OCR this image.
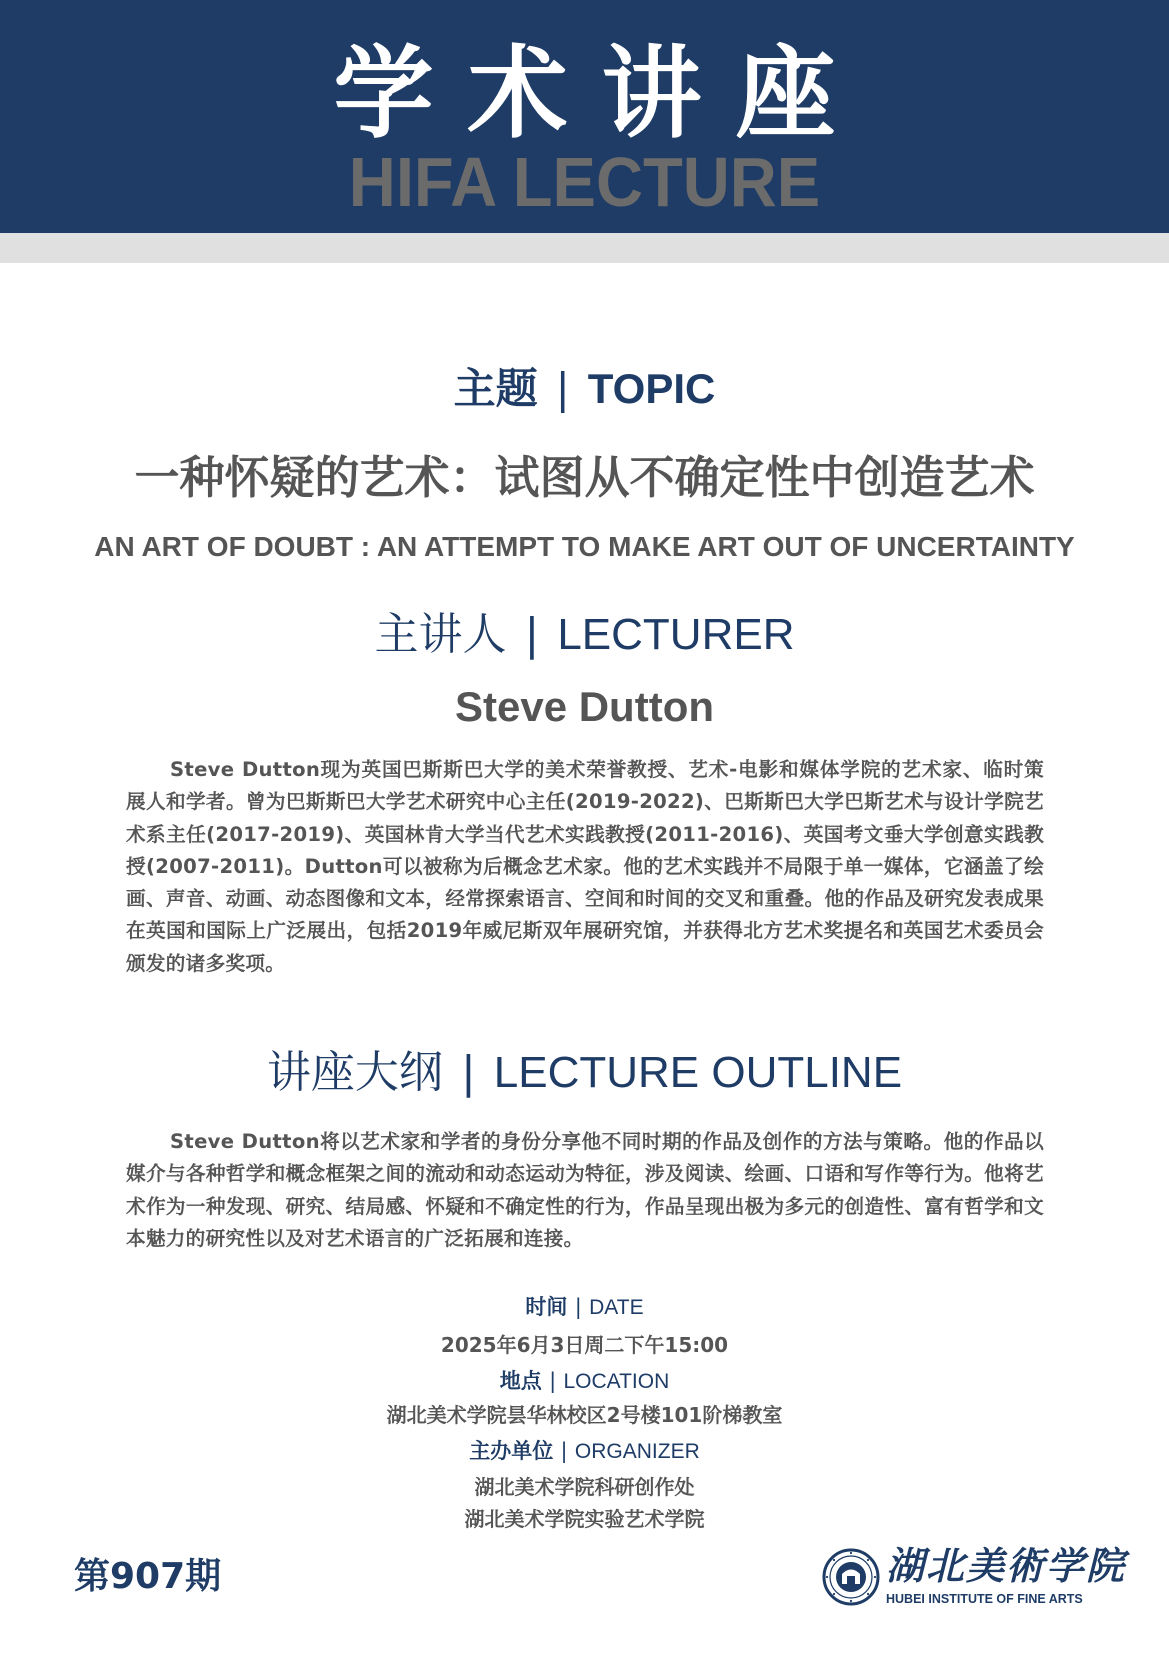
学术讲座
HIFA LECTURE
主题 | TOPIC
一种怀疑的艺术：试图从不确定性中创造艺术
AN ART OF DOUBT : AN ATTEMPT TO MAKE ART OUT OF UNCERTAINTY
主讲人 | LECTURER
Steve Dutton
Steve Dutton现为英国巴斯斯巴大学的美术荣誉教授、艺术-电影和媒体学院的艺术家、临时策展人和学者。曾为巴斯斯巴大学艺术研究中心主任(2019-2022)、巴斯斯巴大学巴斯艺术与设计学院艺术系主任(2017-2019)、英国林肯大学当代艺术实践教授(2011-2016)、英国考文垂大学创意实践教授(2007-2011)。Dutton可以被称为后概念艺术家。他的艺术实践并不局限于单一媒体，它涵盖了绘画、声音、动画、动态图像和文本，经常探索语言、空间和时间的交叉和重叠。他的作品及研究发表成果在英国和国际上广泛展出，包括2019年威尼斯双年展研究馆，并获得北方艺术奖提名和英国艺术委员会颁发的诸多奖项。
讲座大纲 | LECTURE OUTLINE
Steve Dutton将以艺术家和学者的身份分享他不同时期的作品及创作的方法与策略。他的作品以媒介与各种哲学和概念框架之间的流动和动态运动为特征，涉及阅读、绘画、口语和写作等行为。他将艺术作为一种发现、研究、结局感、怀疑和不确定性的行为，作品呈现出极为多元的创造性、富有哲学和文本魅力的研究性以及对艺术语言的广泛拓展和连接。
时间 | DATE
2025年6月3日周二下午15:00
地点 | LOCATION
湖北美术学院昙华林校区2号楼101阶梯教室
主办单位 | ORGANIZER
湖北美术学院科研创作处
湖北美术学院实验艺术学院
第907期	湖北美術学院
HUBEI INSTITUTE OF FINE ARTS
